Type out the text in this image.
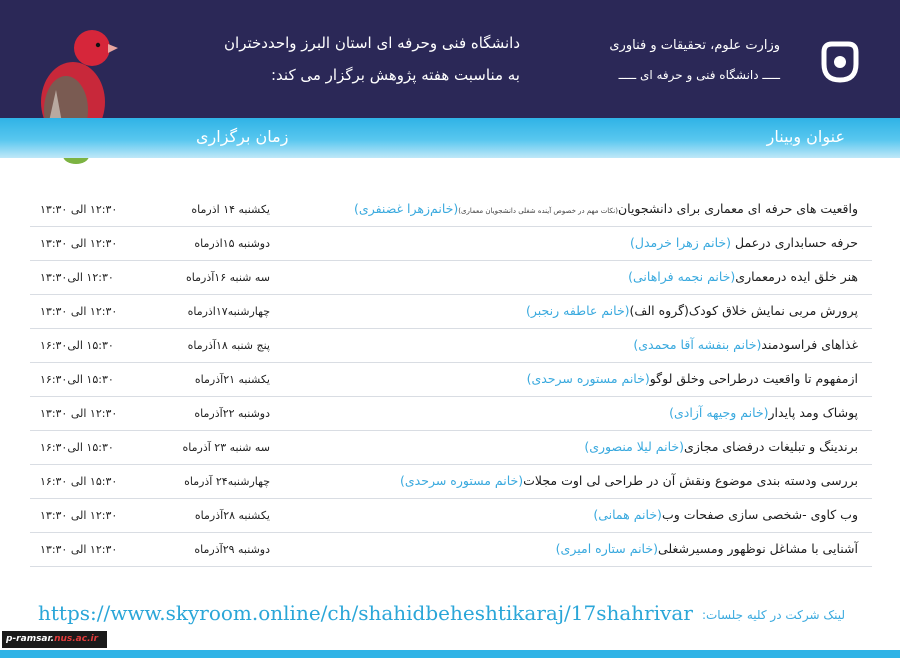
دانشگاه فنی وحرفه ای استان البرز واحددختران
به مناسبت هفته پژوهش برگزار می کند:
وزارت علوم، تحقیقات و فناوری
ـــــ دانشگاه فنی و حرفه ای ـــــ
زمان برگزاری	عنوان وبینار
واقعیت های حرفه ای معماری برای دانشجویان(نکات مهم در خصوص آینده شغلی دانشجویان معماری)(خانم‌زهرا غضنفری)
یکشنبه ۱۴ اذرماه
۱۲:۳۰ الی ۱۳:۳۰
حرفه حسابداری درعمل (خانم زهرا خرمدل)
دوشنبه ۱۵اذرماه
۱۲:۳۰ الی ۱۳:۳۰
هنر خلق ایده درمعماری(خانم نجمه فراهانی)
سه شنبه ۱۶آذرماه
۱۲:۳۰ الی۱۳:۳۰
پرورش مربی نمایش خلاق کودک(گروه الف)(خانم عاطفه رنجبر)
چهارشنبه۱۷اذرماه
۱۲:۳۰ الی ۱۳:۳۰
غذاهای فراسودمند(خانم بنفشه آقا محمدی)
پنج شنبه ۱۸آذرماه
۱۵:۳۰ الی۱۶:۳۰
ازمفهوم تا واقعیت درطراحی وخلق لوگو(خانم مستوره سرحدی)
یکشنبه ۲۱آذرماه
۱۵:۳۰ الی۱۶:۳۰
پوشاک ومد پایدار(خانم وجیهه آزادی)
دوشنبه ۲۲آذرماه
۱۲:۳۰ الی ۱۳:۳۰
برندینگ و تبلیغات درفضای مجازی(خانم لیلا منصوری)
سه شنبه ۲۳ آذرماه
۱۵:۳۰ الی۱۶:۳۰
بررسی ودسته بندی موضوع ونقش آن در طراحی لی اوت مجلات(خانم مستوره سرحدی)
چهارشنبه۲۴ آذرماه
۱۵:۳۰ الی ۱۶:۳۰
وب کاوی -شخصی سازی صفحات وب(خانم همانی)
یکشنبه ۲۸آذرماه
۱۲:۳۰ الی ۱۳:۳۰
آشنایی با مشاغل نوظهور ومسیرشغلی(خانم ستاره امیری)
دوشنبه ۲۹آذرماه
۱۲:۳۰ الی ۱۳:۳۰
لینک شرکت در کلیه جلسات:
https://www.skyroom.online/ch/shahidbeheshtikaraj/17shahrivar
p-ramsar.nus.ac.ir
